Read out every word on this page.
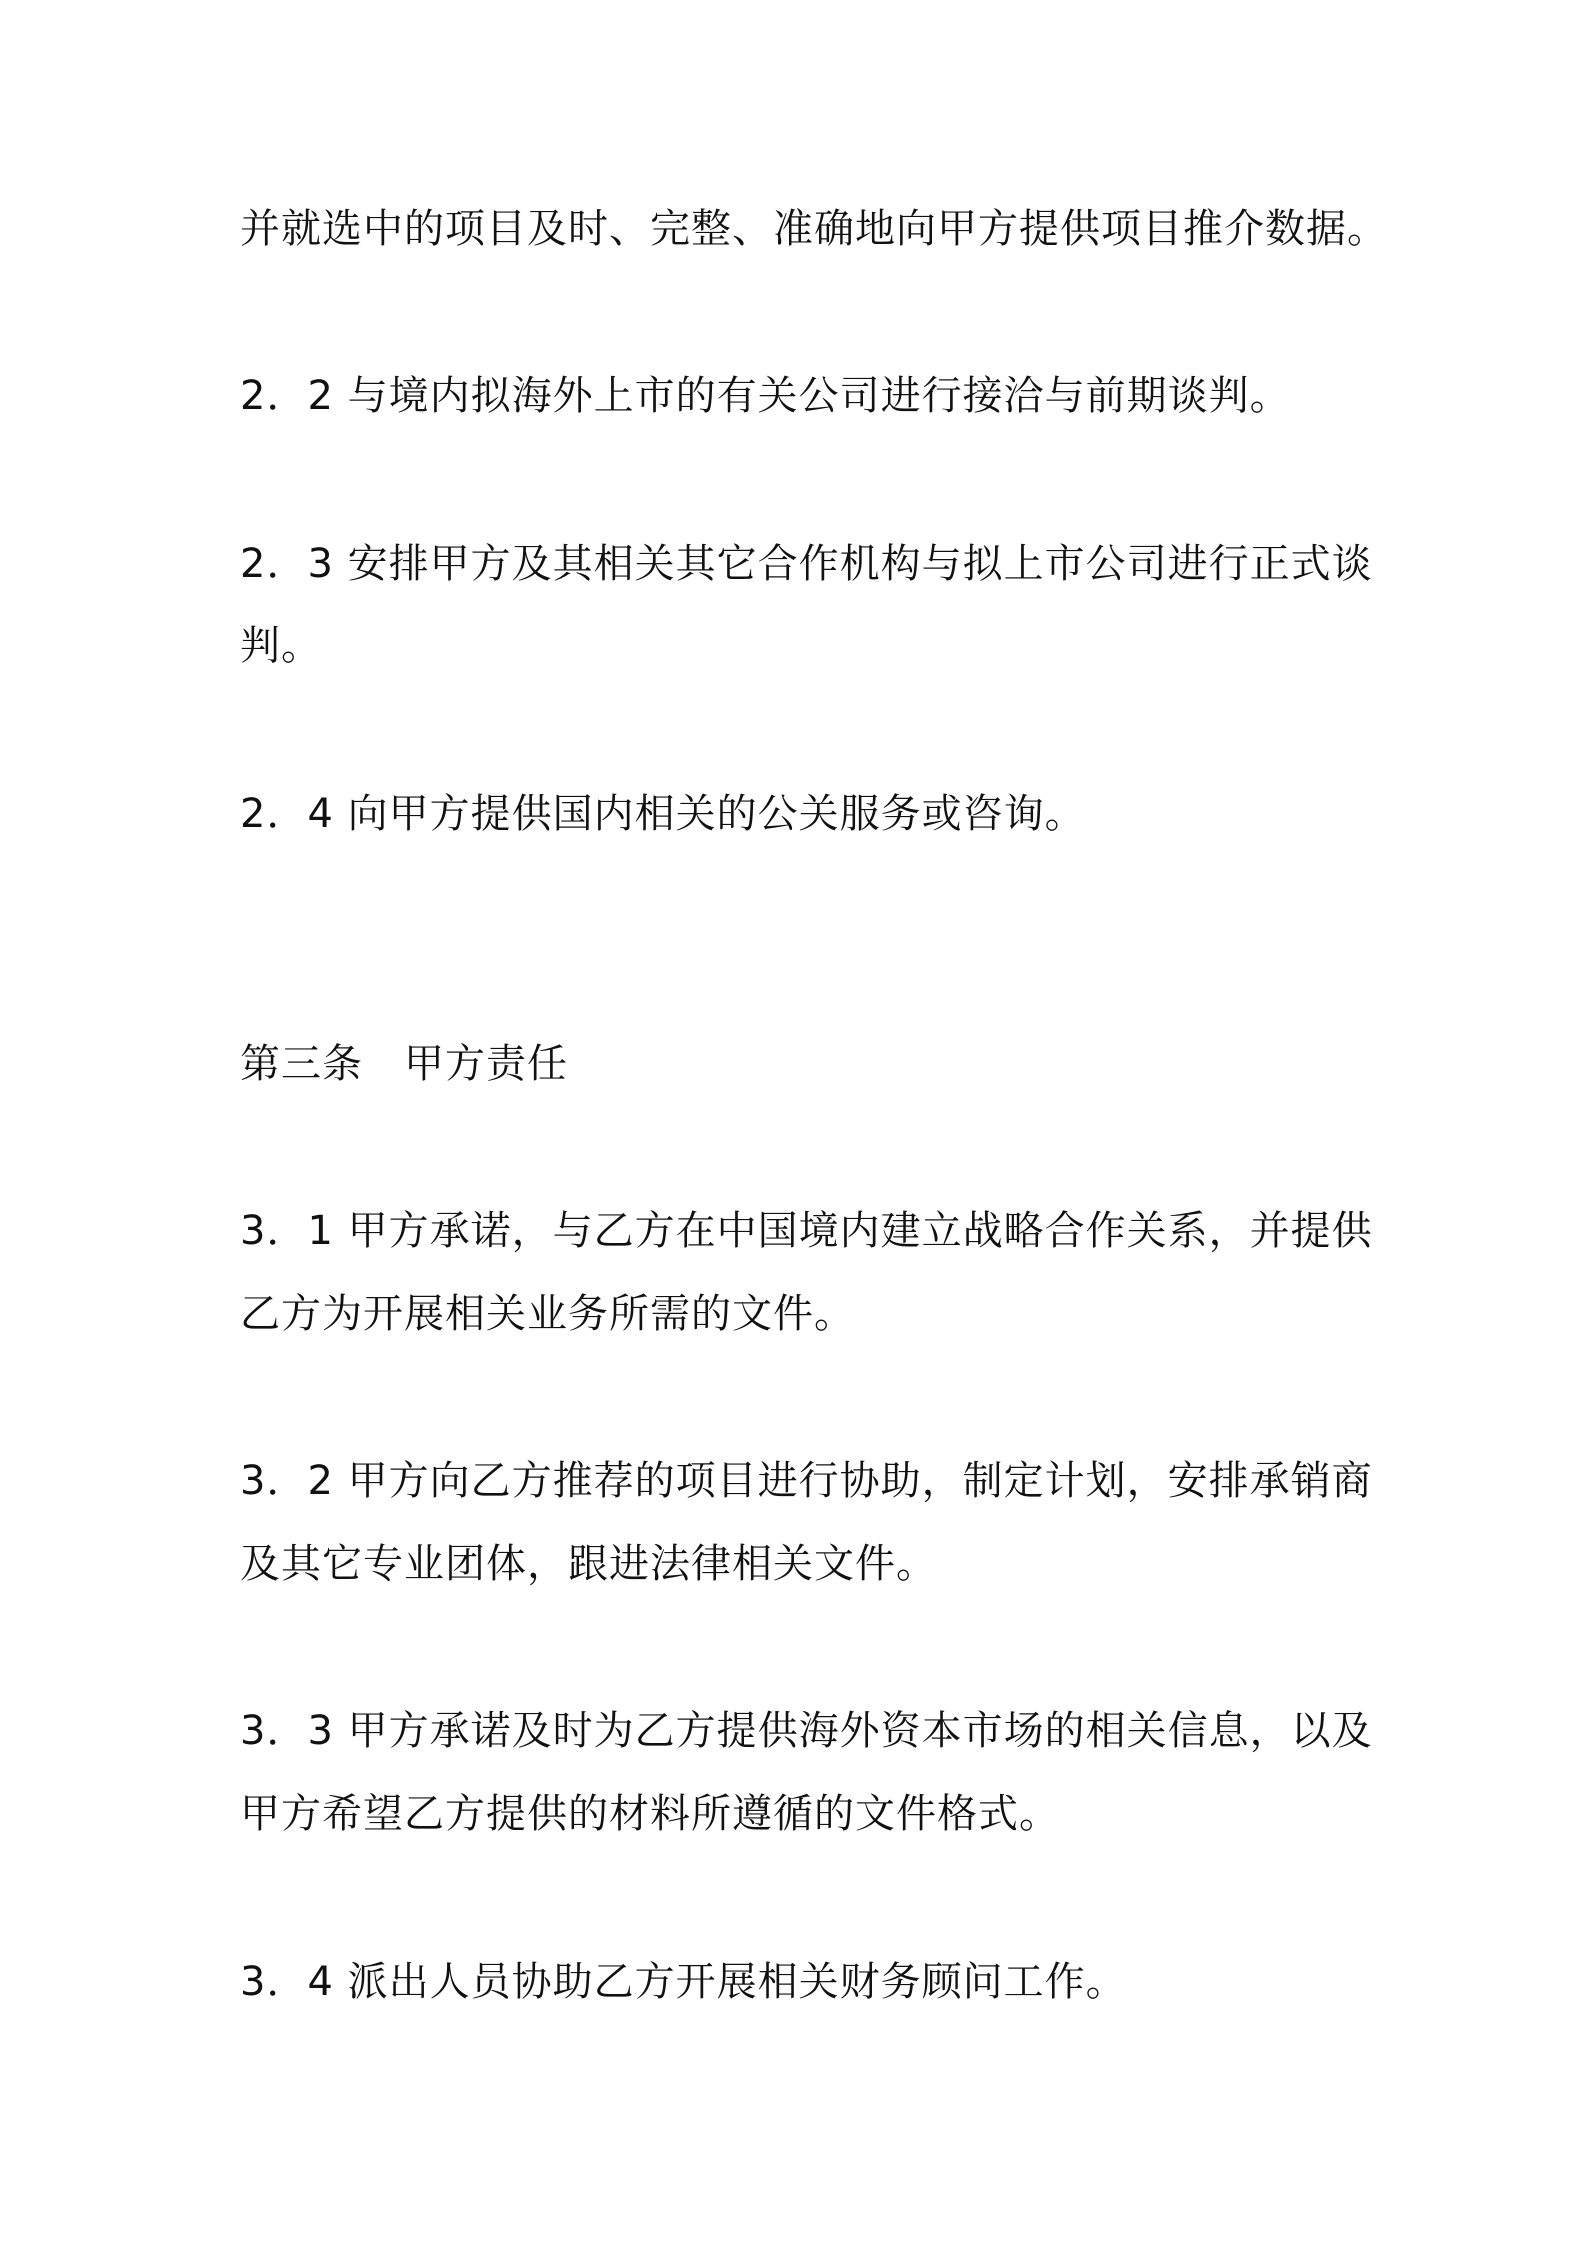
并就选中的项目及时、完整、准确地向甲方提供项目推介数据。
2．2 与境内拟海外上市的有关公司进行接洽与前期谈判。
2．3 安排甲方及其相关其它合作机构与拟上市公司进行正式谈
判。
2．4 向甲方提供国内相关的公关服务或咨询。
第三条　甲方责任
3．1 甲方承诺，与乙方在中国境内建立战略合作关系，并提供
乙方为开展相关业务所需的文件。
3．2 甲方向乙方推荐的项目进行协助，制定计划，安排承销商
及其它专业团体，跟进法律相关文件。
3．3 甲方承诺及时为乙方提供海外资本市场的相关信息，以及
甲方希望乙方提供的材料所遵循的文件格式。
3．4 派出人员协助乙方开展相关财务顾问工作。
